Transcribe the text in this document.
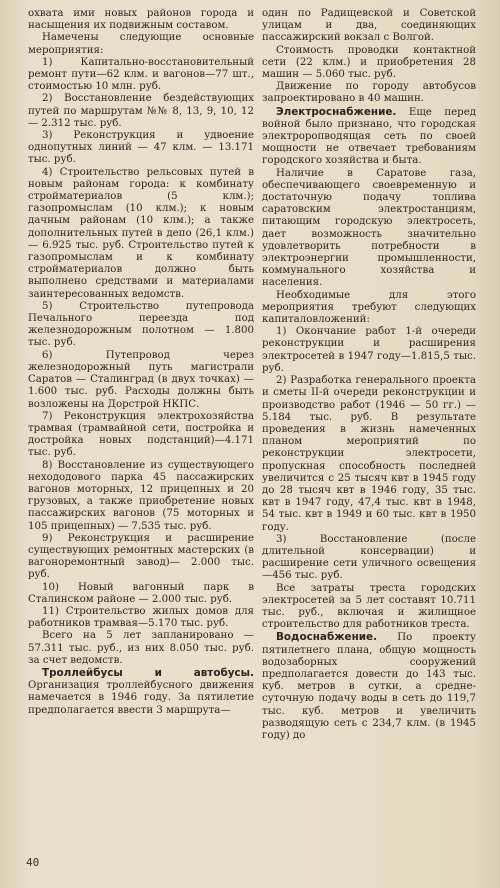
охвата ими новых районов города и насыщения их подвижным составом.

Намечены следующие основные мероприятия:

1) Капитально-восстановительный ремонт пути—62 клм. и вагонов—77 шт., стоимостью 10 млн. руб.

2) Восстановление бездействующих путей по маршрутам №№ 8, 13, 9, 10, 12 — 2.312 тыс. руб.

3) Реконструкция и удвоение однопутных линий — 47 клм. — 13.171 тыс. руб.

4) Строительство рельсовых путей в новым районам города: к комбинату стройматериалов (5 клм.); газопромыслам (10 клм.); к новым дачным районам (10 клм.); а также дополнительных путей в депо (26,1 клм.) — 6.925 тыс. руб. Строительство путей к газопромыслам и к комбинату стройматериалов должно быть выполнено средствами и материалами заинтересованных ведомств.

5) Строительство путепровода Печального переезда под железнодорожным полотном — 1.800 тыс. руб.

6) Путепровод через железнодорожный путь магистрали Саратов — Сталинград (в двух точках) — 1.600 тыс. руб. Расходы должны быть возложены на Дорстрой НКПС.

7) Реконструкция электрохозяйства трамвая (трамвайной сети, постройка и достройка новых подстанций)—4.171 тыс. руб.

8) Восстановление из существующего нехододового парка 45 пассажирских вагонов моторных, 12 прицепных и 20 грузовых, а также приобретение новых пассажирских вагонов (75 моторных и 105 прицепных) — 7.535 тыс. руб.

9) Реконструкция и расширение существующих ремонтных мастерских (в вагоноремонтный завод)— 2.000 тыс. руб.

10) Новый вагонный парк в Сталинском районе — 2.000 тыс. руб.

11) Строительство жилых домов для работников трамвая—5.170 тыс. руб.

Всего на 5 лет запланировано — 57.311 тыс. руб., из них 8.050 тыс. руб. за счет ведомств.

Троллейбусы и автобусы. Организация троллейбусного движения намечается в 1946 году. За пятилетие предполагается ввести 3 маршрута—

один по Радищевской и Советской улицам и два, соединяющих пассажирский вокзал с Волгой.

Стоимость проводки контактной сети (22 клм.) и приобретения 28 машин — 5.060 тыс. руб.

Движение по городу автобусов запроектировано в 40 машин.

Электроснабжение. Еще перед войной было признано, что городская электроропводящая сеть по своей мощности не отвечает требованиям городского хозяйства и быта.

Наличие в Саратове газа, обеспечивающего своевременную и достаточную подачу топлива саратовским электростанциям, питающим городскую электросеть, дает возможность значительно удовлетворить потребности в электроэнергии промышленности, коммунального хозяйства и населения.

Необходимые для этого мероприятия требуют следующих капиталовложений:

1) Окончание работ 1-й очереди реконструкции и расширения электросетей в 1947 году—1.815,5 тыс. руб.

2) Разработка генерального проекта и сметы II-й очереди реконструкции и производство работ (1946 — 50 гг.) — 5.184 тыс. руб. В результате проведения в жизнь намеченных планом мероприятий по реконструкции электросети, пропускная способность последней увеличится с 25 тысяч квт в 1945 году до 28 тысяч квт в 1946 году, 35 тыс. квт в 1947 году, 47,4 тыс. квт в 1948, 54 тыс. квт в 1949 и 60 тыс. квт в 1950 году.

3) Восстановление (после длительной консервации) и расширение сети уличного освещения—456 тыс. руб.

Все затраты треста городских электросетей за 5 лет составят 10.711 тыс. руб., включая и жилищное строительство для работников треста.

Водоснабжение. По проекту пятилетнего плана, общую мощность водозаборных сооружений предполагается довести до 143 тыс. куб. метров в сутки, а средне-суточную подачу воды в сеть до 119,7 тыс. куб. метров и увеличить разводящую сеть с 234,7 клм. (в 1945 году) до

40
